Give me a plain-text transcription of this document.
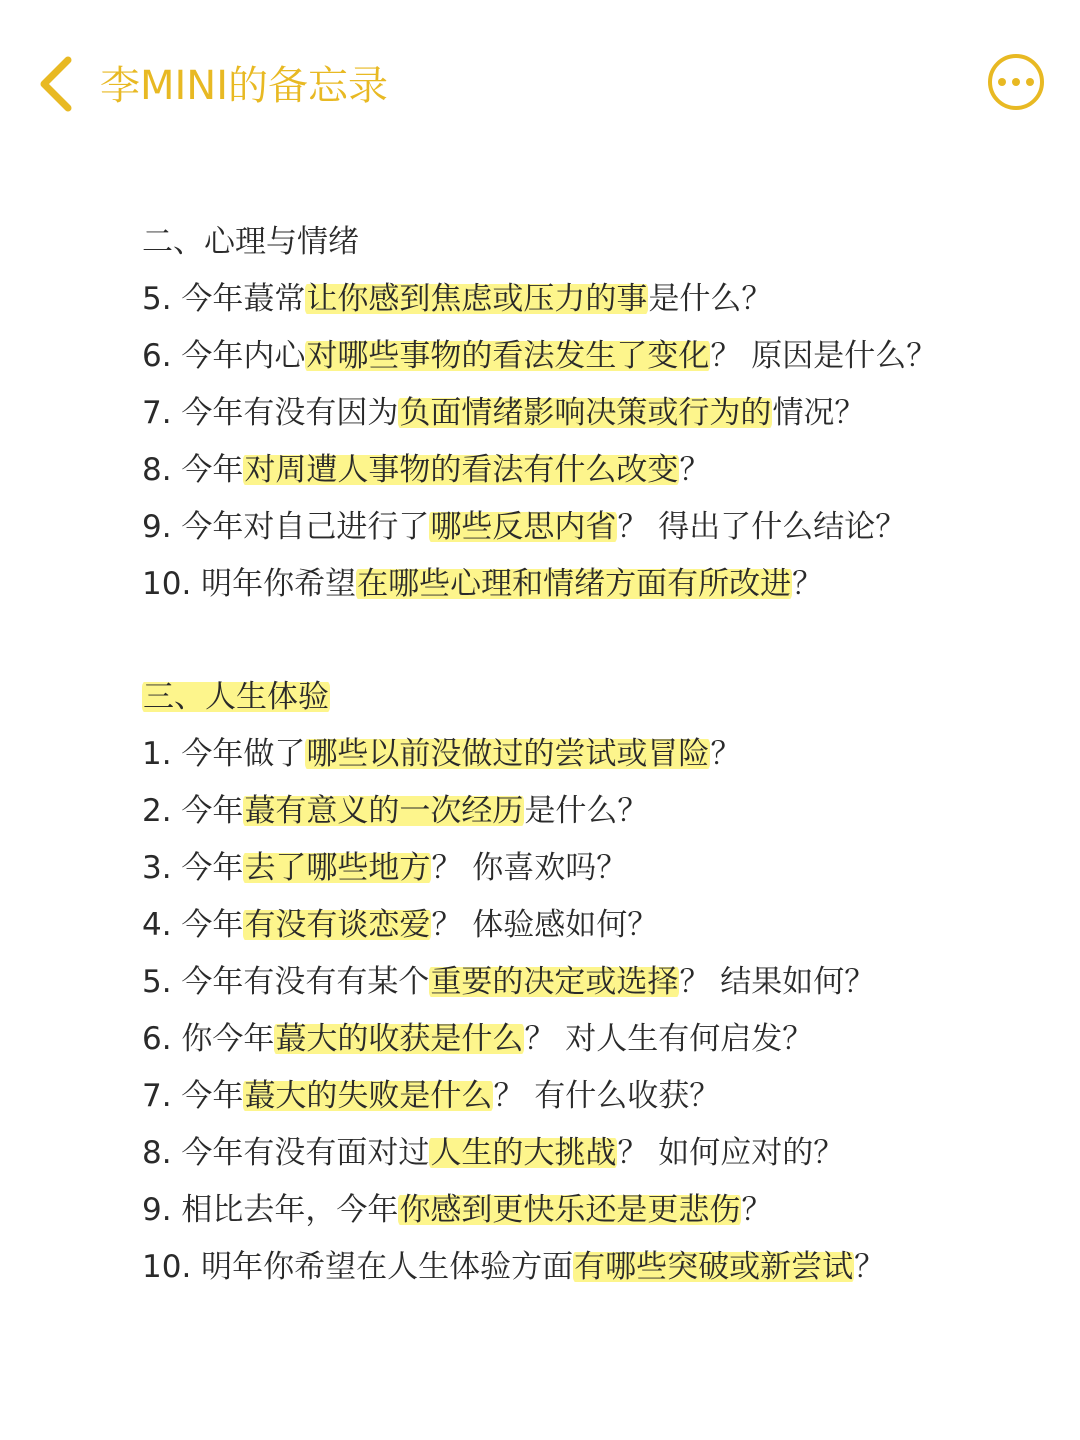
李MINI的备忘录
二、心理与情绪
5. 今年蕞常让你感到焦虑或压力的事是什么？
6. 今年内心对哪些事物的看法发生了变化？ 原因是什么？
7. 今年有没有因为负面情绪影响决策或行为的情况？
8. 今年对周遭人事物的看法有什么改变？
9. 今年对自己进行了哪些反思内省？ 得出了什么结论？
10. 明年你希望在哪些心理和情绪方面有所改进？
三、人生体验
1. 今年做了哪些以前没做过的尝试或冒险？
2. 今年蕞有意义的一次经历是什么？
3. 今年去了哪些地方？ 你喜欢吗？
4. 今年有没有谈恋爱？ 体验感如何？
5. 今年有没有有某个重要的决定或选择？ 结果如何？
6. 你今年蕞大的收获是什么？ 对人生有何启发？
7. 今年蕞大的失败是什么？ 有什么收获？
8. 今年有没有面对过人生的大挑战？ 如何应对的？
9. 相比去年，今年你感到更快乐还是更悲伤？
10. 明年你希望在人生体验方面有哪些突破或新尝试？
